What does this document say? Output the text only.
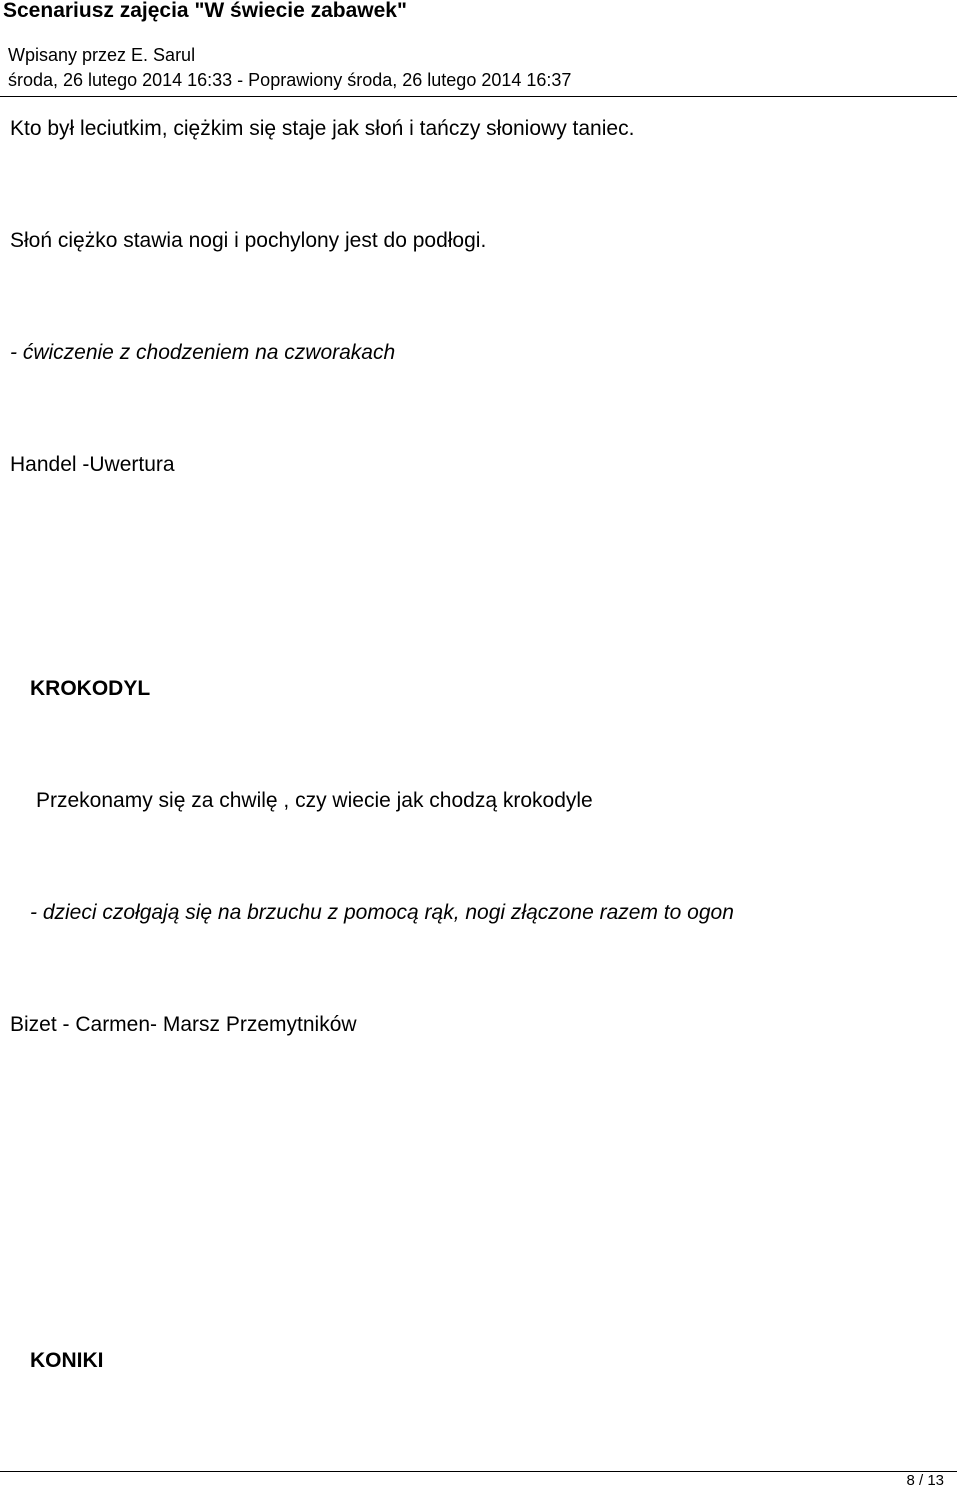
Scenariusz zajęcia "W świecie zabawek"
Wpisany przez E. Sarul
środa, 26 lutego 2014 16:33 - Poprawiony środa, 26 lutego 2014 16:37
Kto był leciutkim, ciężkim się staje jak słoń i tańczy słoniowy taniec.
Słoń ciężko stawia nogi i pochylony jest do podłogi.
- ćwiczenie z chodzeniem na czworakach
Handel -Uwertura
KROKODYL
Przekonamy się za chwilę , czy wiecie jak chodzą krokodyle
- dzieci czołgają się na brzuchu z pomocą rąk, nogi złączone razem to ogon
Bizet - Carmen- Marsz Przemytników
KONIKI
8 / 13
